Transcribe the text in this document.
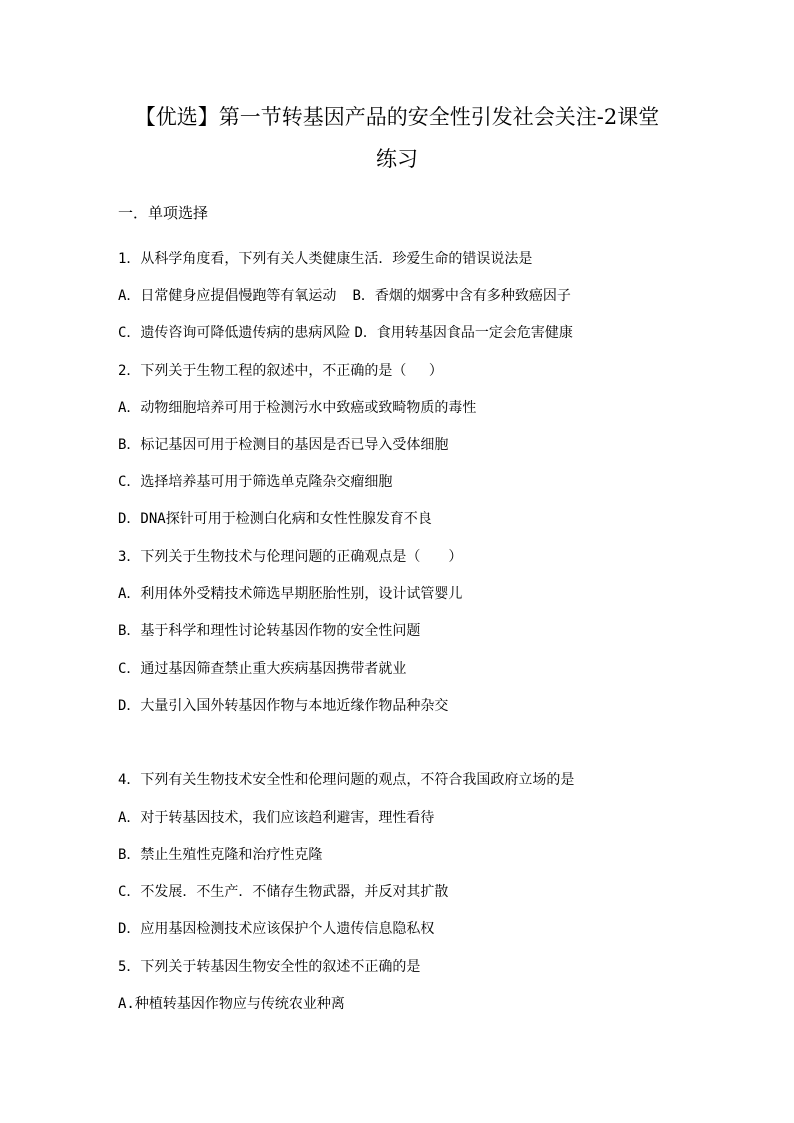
【优选】第一节转基因产品的安全性引发社会关注-2课堂
练习
一．单项选择
1．从科学角度看，下列有关人类健康生活．珍爱生命的错误说法是
A．日常健身应提倡慢跑等有氧运动 B．香烟的烟雾中含有多种致癌因子
C．遗传咨询可降低遗传病的患病风险 D．食用转基因食品一定会危害健康
2．下列关于生物工程的叙述中，不正确的是（　 ）
A．动物细胞培养可用于检测污水中致癌或致畸物质的毒性
B．标记基因可用于检测目的基因是否已导入受体细胞
C．选择培养基可用于筛选单克隆杂交瘤细胞
D．DNA探针可用于检测白化病和女性性腺发育不良
3．下列关于生物技术与伦理问题的正确观点是（　　）
A．利用体外受精技术筛选早期胚胎性别，设计试管婴儿
B．基于科学和理性讨论转基因作物的安全性问题
C．通过基因筛查禁止重大疾病基因携带者就业
D．大量引入国外转基因作物与本地近缘作物品种杂交
4．下列有关生物技术安全性和伦理问题的观点，不符合我国政府立场的是
A．对于转基因技术，我们应该趋利避害，理性看待
B．禁止生殖性克隆和治疗性克隆
C．不发展．不生产．不储存生物武器，并反对其扩散
D．应用基因检测技术应该保护个人遗传信息隐私权
5．下列关于转基因生物安全性的叙述不正确的是
A.种植转基因作物应与传统农业种离
